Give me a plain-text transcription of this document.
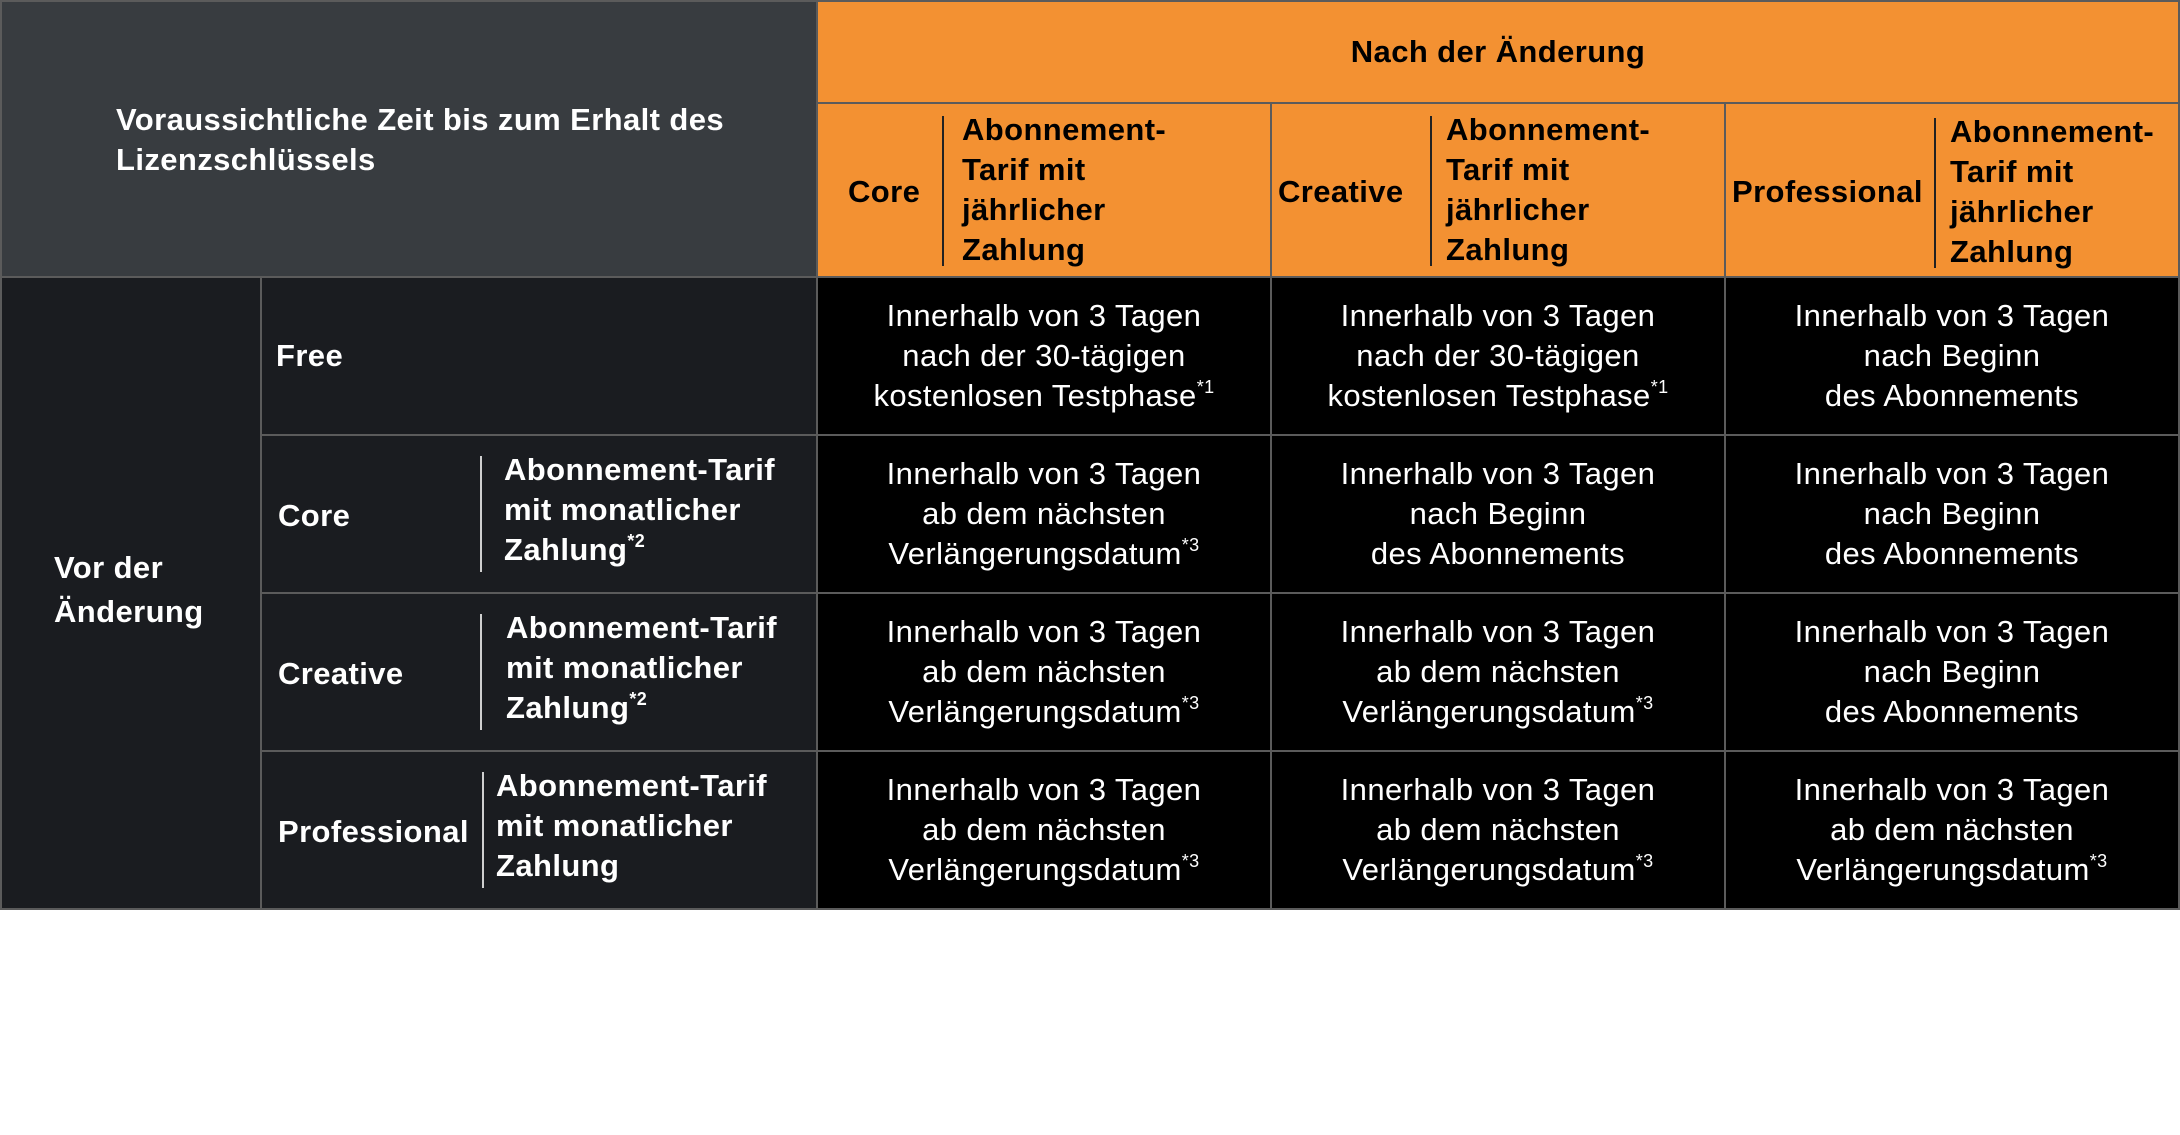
Voraussichtliche Zeit bis zum Erhalt des Lizenzschlüssels
Nach der Änderung
Core
Abonnement-Tarif mit jährlicher Zahlung
Creative
Abonnement-Tarif mit jährlicher Zahlung
Professional
Abonnement-Tarif mit jährlicher Zahlung
Vor der Änderung
Free
Core
Abonnement-Tarif mit monatlicher Zahlung$^{*2}$
Creative
Abonnement-Tarif mit monatlicher Zahlung$^{*2}$
Professional
Abonnement-Tarif mit monatlicher Zahlung
Innerhalb von 3 Tagen
nach der 30-tägigen
kostenlosen Testphase$^{*1}$
Innerhalb von 3 Tagen
nach der 30-tägigen
kostenlosen Testphase$^{*1}$
Innerhalb von 3 Tagen
nach Beginn
des Abonnements
Innerhalb von 3 Tagen
ab dem nächsten
Verlängerungsdatum$^{*3}$
Innerhalb von 3 Tagen
nach Beginn
des Abonnements
Innerhalb von 3 Tagen
nach Beginn
des Abonnements
Innerhalb von 3 Tagen
ab dem nächsten
Verlängerungsdatum$^{*3}$
Innerhalb von 3 Tagen
ab dem nächsten
Verlängerungsdatum$^{*3}$
Innerhalb von 3 Tagen
nach Beginn
des Abonnements
Innerhalb von 3 Tagen
ab dem nächsten
Verlängerungsdatum$^{*3}$
Innerhalb von 3 Tagen
ab dem nächsten
Verlängerungsdatum$^{*3}$
Innerhalb von 3 Tagen
ab dem nächsten
Verlängerungsdatum$^{*3}$
